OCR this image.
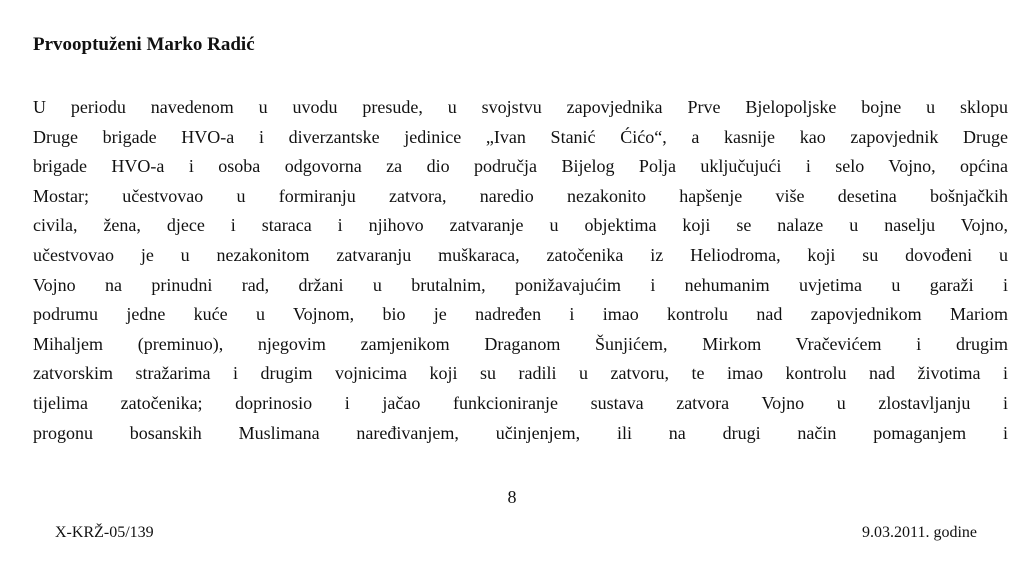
Prvooptuženi Marko Radić
U periodu navedenom u uvodu presude, u svojstvu zapovjednika Prve Bjelopoljske bojne u sklopu
Druge brigade HVO-a i diverzantske jedinice „Ivan Stanić Ćićo“, a kasnije kao zapovjednik Druge
brigade HVO-a i osoba odgovorna za dio područja Bijelog Polja uključujući i selo Vojno, općina
Mostar; učestvovao u formiranju zatvora, naredio nezakonito hapšenje više desetina bošnjačkih
civila, žena, djece i staraca i njihovo zatvaranje u objektima koji se nalaze u naselju Vojno,
učestvovao je u nezakonitom zatvaranju muškaraca, zatočenika iz Heliodroma, koji su dovođeni u
Vojno na prinudni rad, držani u brutalnim, ponižavajućim i nehumanim uvjetima u garaži i
podrumu jedne kuće u Vojnom, bio je nadređen i imao kontrolu nad zapovjednikom Mariom
Mihaljem (preminuo), njegovim zamjenikom Draganom Šunjićem, Mirkom Vračevićem i drugim
zatvorskim stražarima i drugim vojnicima koji su radili u zatvoru, te imao kontrolu nad životima i
tijelima zatočenika; doprinosio i jačao funkcioniranje sustava zatvora Vojno u zlostavljanju i
progonu bosanskih Muslimana naređivanjem, učinjenjem, ili na drugi način pomaganjem i
8
X-KRŽ-05/139	9.03.2011. godine
